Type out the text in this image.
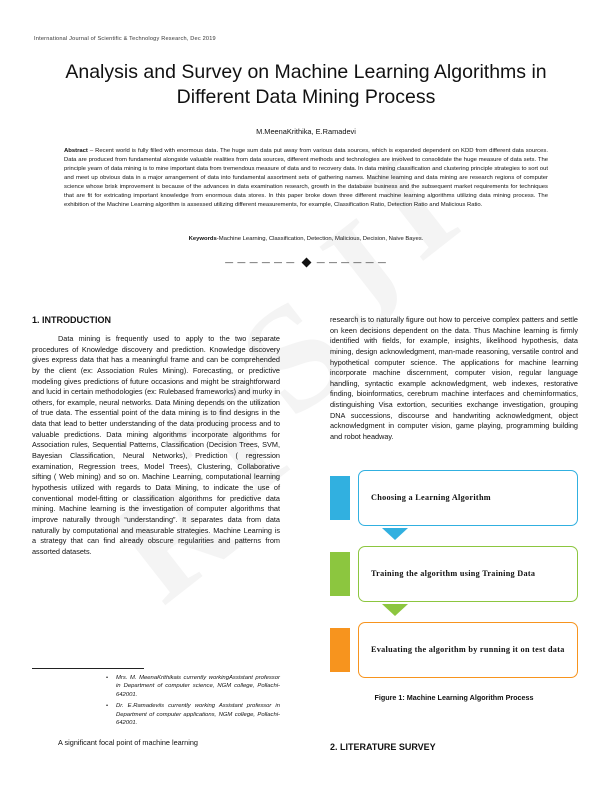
International Journal of Scientific & Technology Research, Dec 2019
Analysis and Survey on Machine Learning Algorithms in Different Data Mining Process
M.MeenaKrithika, E.Ramadevi
Abstract – Recent world is fully filled with enormous data. The huge sum data put away from various data sources, which is expanded dependent on KDD from different data sources. Data are produced from fundamental alongside valuable realities from data sources, different methods and technologies are involved to consolidate the huge measure of data sets. The principle yearn of data mining is to mine important data from tremendous measure of data and to recovery data. In data mining classification and clustering principle strategies to sort out and meet up obvious data in a major arrangement of data into fundamental assortment sets of gathering names. Machine learning and data mining are research regions of computer science whose brisk improvement is because of the advances in data examination research, growth in the database business and the subsequent market requirements for techniques that are fit for extricating important knowledge from enormous data stores. In this paper broke down three different machine learning algorithms utilizing data mining process. The exhibition of the Machine Learning algorithm is assessed utilizing different measurements, for example, Classification Ratio, Detection Ratio and Malicious Ratio.
Keywords-Machine Learning, Classification, Detection, Malicious, Decision, Naive Bayes.
— — — — — —  — — — — — —
1. INTRODUCTION

Data mining is frequently used to apply to the two separate procedures of Knowledge discovery and prediction. Knowledge discovery gives express data that has a meaningful frame and can be comprehended by the client (ex: Association Rules Mining). Forecasting, or predictive modeling gives predictions of future occasions and might be straightforward and lucid in certain methodologies (ex: Rulebased frameworks) and murky in others, for example, neural networks. Data Mining depends on the utilization of true data. The essential point of the data mining is to find designs in the data that lead to better understanding of the data producing process and to valuable predictions. Data mining algorithms incorporate algorithms for Association rules, Sequential Patterns, Classification (Decision Trees, SVM, Bayesian Classification, Neural Networks), Prediction ( regression examination, Regression trees, Model Trees), Clustering, Collaborative sifting ( Web mining) and so on. Machine Learning, computational learning hypothesis utilized with regards to Data Mining, to indicate the use of conventional model-fitting or classification algorithms for predictive data mining. Machine learning is the investigation of computer algorithms that improve naturally through “understanding”. It separates data from data naturally by computational and measurable strategies. Machine Learning is a strategy that can find already obscure regularities and patterns from assorted datasets.

research is to naturally figure out how to perceive complex patters and settle on keen decisions dependent on the data. Thus Machine learning is firmly identified with fields, for example, insights, likelihood hypothesis, data mining, design acknowledgment, man-made reasoning, versatile control and hypothetical computer science. The applications for machine learning incorporate machine discernment, computer vision, regular language handling, syntactic example acknowledgment, web indexes, restorative finding, bioinformatics, cerebrum machine interfaces and cheminformatics, distinguishing Visa extortion, securities exchange investigation, grouping DNA successions, discourse and handwriting acknowledgment, object acknowledgment in computer vision, game playing, programming building and robot headway.

Choosing a Learning Algorithm
Training the algorithm using Training Data
Evaluating the algorithm by running it on test data
Figure 1: Machine Learning Algorithm Process
2. LITERATURE SURVEY

• Mrs. M. MeenaKrithikais currently workingAssistant professor in Department of computer science, NGM college, Pollachi-642001.

• Dr. E.Ramadeviis currently working Assistant professor in Department of computer applications, NGM college, Pollachi-642001.

A significant focal point of machine learning
